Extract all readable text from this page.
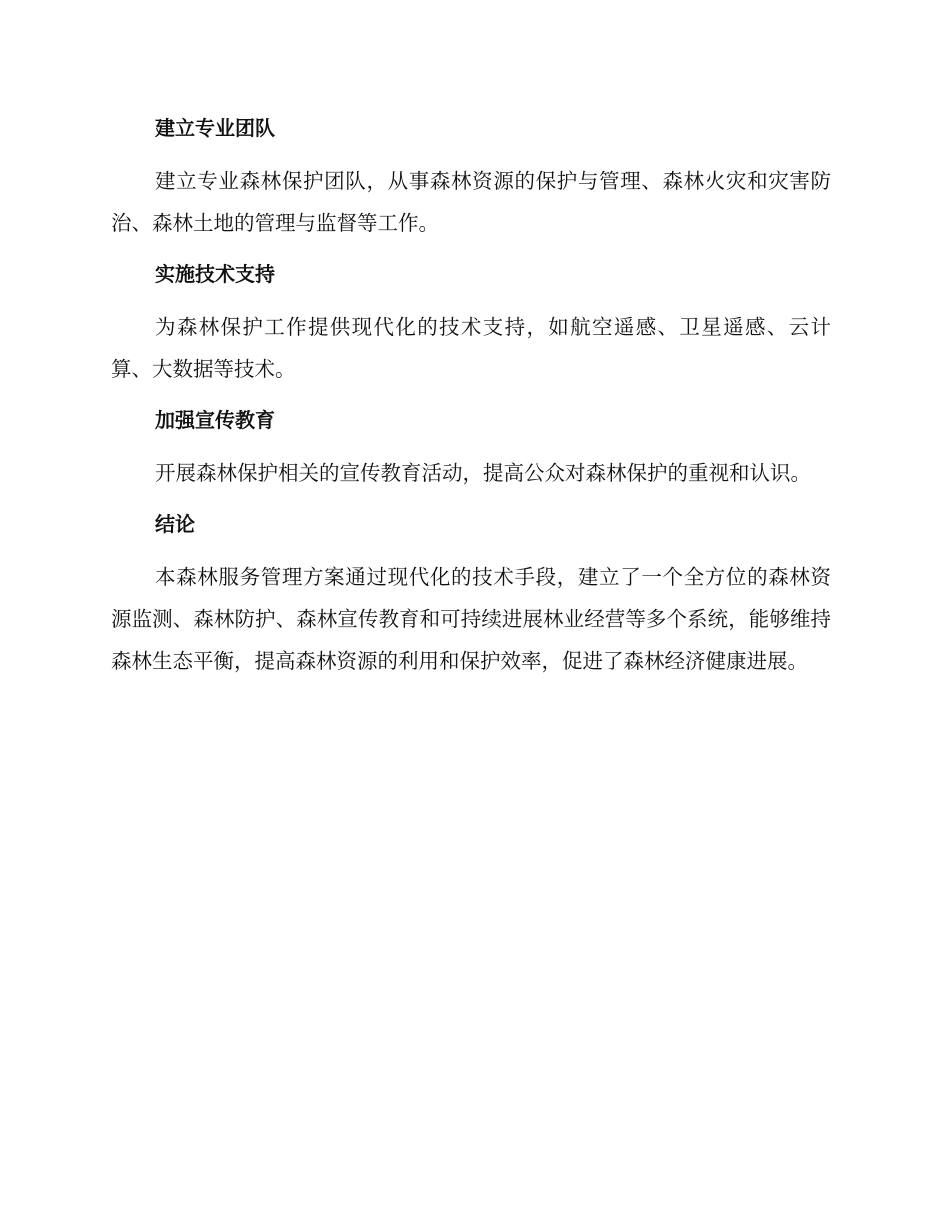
建立专业团队

建立专业森林保护团队，从事森林资源的保护与管理、森林火灾和灾害防治、森林土地的管理与监督等工作。

实施技术支持

为森林保护工作提供现代化的技术支持，如航空遥感、卫星遥感、云计算、大数据等技术。

加强宣传教育

开展森林保护相关的宣传教育活动，提高公众对森林保护的重视和认识。

结论

本森林服务管理方案通过现代化的技术手段，建立了一个全方位的森林资源监测、森林防护、森林宣传教育和可持续进展林业经营等多个系统，能够维持森林生态平衡，提高森林资源的利用和保护效率，促进了森林经济健康进展。
